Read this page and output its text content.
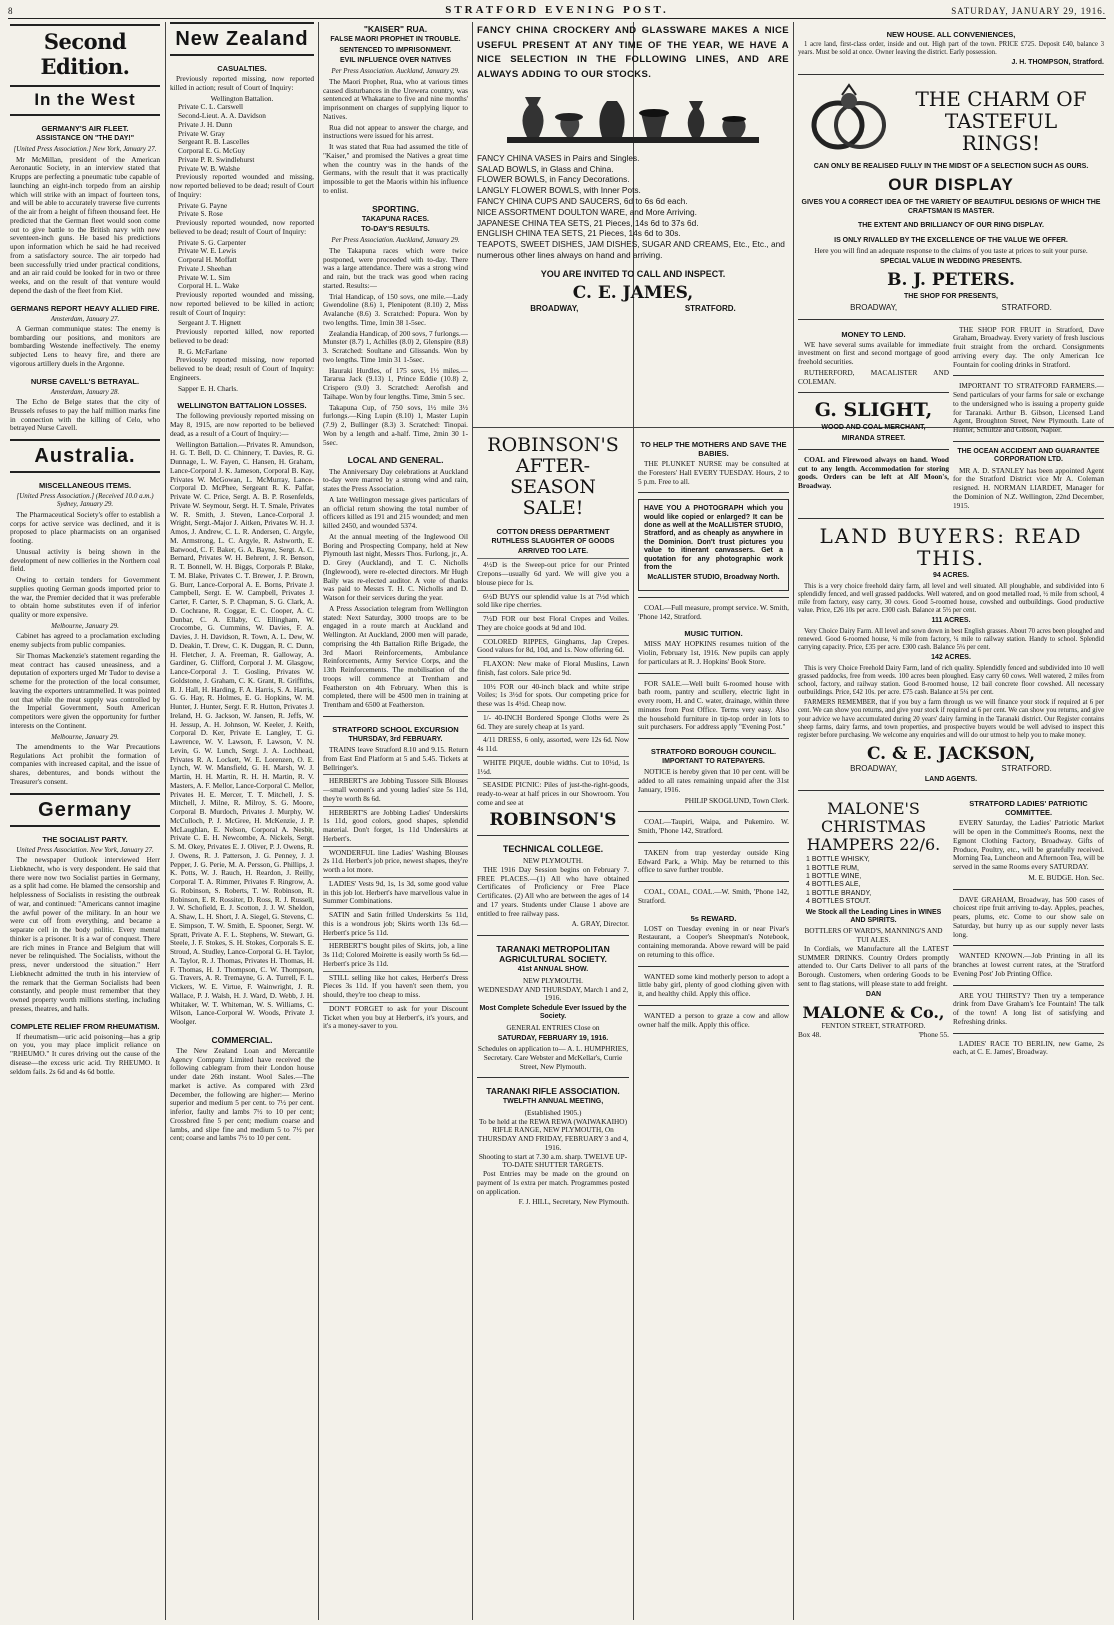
8	STRATFORD EVENING POST.	SATURDAY, JANUARY 29, 1916.
Second Edition.
In the West
GERMANY'S AIR FLEET.
ASSISTANCE ON "THE DAY!"
[United Press Association.] New York, January 27.

Mr McMillan, president of the American Aeronautic Society, in an interview stated that Krupps are perfecting a pneumatic tube capable of launching an eight-inch torpedo from an airship which will strike with an impact of fourteen tons, and will be able to accurately traverse five currents of the air from a height of fifteen thousand feet. He predicted that the German fleet would soon come out to give battle to the British navy with new seventeen-inch guns. He based his predictions upon information which he said he had received from a satisfactory source. The air torpedo had been successfully tried under practical conditions, and an air raid could be looked for in two or three weeks, and on the result of that venture would depend the dash of the fleet from Kiel.

GERMANS REPORT HEAVY ALLIED FIRE.
Amsterdam, January 27.

A German communique states: The enemy is bombarding our positions, and monitors are bombarding Westende ineffectively. The enemy subjected Lens to heavy fire, and there are vigorous artillery duels in the Argonne.

NURSE CAVELL'S BETRAYAL.
Amsterdam, January 28.

The Echo de Belge states that the city of Brussels refuses to pay the half million marks fine in connection with the killing of Celo, who betrayed Nurse Cavell.

Australia.
MISCELLANEOUS ITEMS.
[United Press Association.] (Received 10.0 a.m.) Sydney, January 29.

The Pharmaceutical Society's offer to establish a corps for active service was declined, and it is proposed to place pharmacists on an organised footing.

Unusual activity is being shown in the development of new collieries in the Northern coal field.

Owing to certain tenders for Government supplies quoting German goods imported prior to the war, the Premier decided that it was preferable to obtain home substitutes even if of inferior quality or more expensive.

Melbourne, January 29.

Cabinet has agreed to a proclamation excluding enemy subjects from public companies.

Sir Thomas Mackenzie's statement regarding the meat contract has caused uneasiness, and a deputation of exporters urged Mr Tudor to devise a scheme for the protection of the local consumer, leaving the exporters untrammelled. It was pointed out that while the meat supply was controlled by the Imperial Government, South American competitors were given the opportunity for further interests on the Continent.

Melbourne, January 29.

The amendments to the War Precautions Regulations Act prohibit the formation of companies with increased capital, and the issue of shares, debentures, and bonds without the Treasurer's consent.

Germany
THE SOCIALIST PARTY.
United Press Association. New York, January 27.

The newspaper Outlook interviewed Herr Liebknecht, who is very despondent. He said that there were now two Socialist parties in Germany, as a split had come. He blamed the censorship and helplessness of Socialists in resisting the outbreak of war, and continued: "Americans cannot imagine the awful power of the military. In an hour we were cut off from everything, and became a separate cell in the body politic. Every mental thinker is a prisoner. It is a war of conquest. There are rich mines in France and Belgium that will never be relinquished. The Socialists, without the press, never understood the situation." Herr Liebknecht admitted the truth in his interview of the remark that the German Socialists had been constantly, and people must remember that they owned property worth millions sterling, including presses, theatres, and halls.

COMPLETE RELIEF FROM RHEUMATISM.

If rheumatism—uric acid poisoning—has a grip on you, you may place implicit reliance on "RHEUMO." It cures driving out the cause of the disease—the excess uric acid. Try RHEUMO. It seldom fails. 2s 6d and 4s 6d bottle.

New Zealand
CASUALTIES.

Previously reported missing, now reported killed in action; result of Court of Inquiry:

Wellington Battalion.
Private C. L. Carswell
Second-Lieut. A. A. Davidson
Private J. H. Dunn
Private W. Gray
Sergeant R. B. Lascelles
Corporal E. G. McGuy
Private P. R. Swindlehurst
Private W. B. Walshe

Previously reported wounded and missing, now reported believed to be dead; result of Court of Inquiry:

Private G. Payne
Private S. Rose

Previously reported wounded, now reported believed to be dead; result of Court of Inquiry:

Private S. G. Carpenter
Private W. E. Lewis
Corporal H. Moffatt
Private J. Sheehan
Private W. L. Sim
Corporal H. L. Wake

Previously reported wounded and missing, now reported believed to be killed in action; result of Court of Inquiry:

Sergeant J. T. Hignett

Previously reported killed, now reported believed to be dead:

R. G. McFarlane

Previously reported missing, now reported believed to be dead; result of Court of Inquiry: Engineers.

Sapper E. H. Charls.
WELLINGTON BATTALION LOSSES.

The following previously reported missing on May 8, 1915, are now reported to be believed dead, as a result of a Court of Inquiry:—

Wellington Battalion.—Privates R. Amundson, H. G. T. Bell, D. C. Chinnery, T. Davies, R. G. Dunnage, L. W. Fayen, C. Hansen, H. Graham, Lance-Corporal J. K. Jameson, Corporal B. Kay, Privates W. McGowan, L. McMurray, Lance-Corporal D. McPhee, Sergeant R. K. Palfar, Private W. C. Price, Sergt. A. B. P. Rosenfelds, Private W. Seymour, Sergt. H. T. Smale, Privates W. R. Smith, J. Steven, Lance-Corporal J. Wright, Sergt.-Major J. Aitken, Privates W. H. J. Amos, J. Andrew, C. L. R. Andersen, C. Argyle, M. Armstrong, L. C. Argyle, R. Ashworth, E. Batwood, C. F. Baker, G. A. Bayne, Sergt. A. C. Bernard, Privates W. H. Behrent, J. R. Benson, R. T. Bonnell, W. H. Biggs, Corporals P. Blake, T. M. Blake, Privates C. T. Brewer, J. P. Brown, G. Burr, Lance-Corporal A. E. Borns, Private J. Campbell, Sergt. E. W. Campbell, Privates J. Carter, F. Carter, S. P. Chapman, S. G. Clark, A. D. Cochrane, R. Coggar, E. C. Cooper, A. C. Dunbar, C. A. Ellaby, C. Ellingham, W. Crocombe, G. Cummins, W. Davies, F. A. Davies, J. H. Davidson, R. Town, A. L. Dew, W. D. Deakin, T. Drew, C. K. Duggan, R. C. Dunn, H. Fletcher, J. A. Freeman, R. Galloway, A. Gardiner, G. Clifford, Corporal J. M. Glasgow, Lance-Corporal J. T. Gosling, Privates W. Goldstone, J. Graham, C. K. Grant, R. Griffiths, R. J. Hall, H. Harding, F. A. Harris, S. A. Harris, G. G. Hay, R. Holmes, E. G. Hopkins, W. M. Hunter, J. Hunter, Sergt. F. R. Hutton, Privates J. Ireland, H. G. Jackson, W. Jansen, R. Jeffs, W. H. Jessup, A. H. Johnson, W. Keeler, J. Keith, Corporal D. Ker, Private E. Langley, T. G. Lawrence, W. V. Lawson, F. Lawson, V. N. Levin, G. W. Lunch, Sergt. J. A. Lochhead, Privates R. A. Lockett, W. E. Lorenzen, O. E. Lynch, W. W. Mansfield, G. H. Marsh, W. J. Martin, H. H. Martin, R. H. H. Martin, R. V. Masters, A. F. Mellor, Lance-Corporal C. Mellor, Privates H. E. Mercer, T. T. Mitchell, J. S. Mitchell, J. Milne, R. Milroy, S. G. Moore, Corporal B. Murdoch, Privates J. Murphy, W. McCulloch, P. J. McGree, H. McKenzie, J. P. McLaughlan, E. Nelson, Corporal A. Nesbit, Private C. E. H. Newcombe, A. Nickels, Sergt. S. M. Okey, Privates E. J. Oliver, P. J. Owens, R. J. Owens, R. J. Patterson, J. G. Penney, J. J. Pepper, J. G. Perie, M. A. Persson, G. Phillips, J. K. Potts, W. J. Rauch, H. Reardon, J. Reilly, Corporal T. A. Rimmer, Privates F. Ringrow, A. G. Robinson, S. Roberts, T. W. Robinson, R. Robinson, E. R. Rossiter, D. Ross, R. J. Russell, J. W. Schofield, E. J. Scotton, J. J. W. Sheldon, A. Shaw, L. H. Short, J. A. Siegel, G. Stevens, C. E. Simpson, T. W. Smith, E. Spooner, Sergt. W. Spratt, Private A. F. L. Stephens, W. Stewart, G. Steele, J. F. Stokes, S. H. Stokes, Corporals S. E. Stroud, A. Studley, Lance-Corporal G. H. Taylor, A. Taylor, R. J. Thomas, Privates H. Thomas, H. F. Thomas, H. J. Thompson, C. W. Thompson, G. Travers, A. R. Tremayne, G. A. Turrell, F. L. Vickers, W. E. Virtue, F. Wainwright, J. R. Wallace, P. J. Walsh, H. J. Ward, D. Webb, J. H. Whitaker, W. T. Whiteman, W. S. Williams, C. Wilson, Lance-Corporal W. Woods, Private J. Woolger.

COMMERCIAL.

The New Zealand Loan and Mercantile Agency Company Limited have received the following cablegram from their London house under date 26th instant. Wool Sales.—The market is active. As compared with 23rd December, the following are higher:— Merino superior and medium 5 per cent. to 7½ per cent. inferior, faulty and lambs 7½ to 10 per cent; Crossbred fine 5 per cent; medium coarse and lambs, and slipe fine and medium 5 to 7½ per cent; coarse and lambs 7½ to 10 per cent.

"KAISER" RUA.
FALSE MAORI PROPHET IN TROUBLE.
SENTENCED TO IMPRISONMENT.
EVIL INFLUENCE OVER NATIVES
Per Press Association. Auckland, January 29.

The Maori Prophet, Rua, who at various times caused disturbances in the Urewera country, was sentenced at Whakatane to five and nine months' imprisonment on charges of supplying liquor to Natives.

Rua did not appear to answer the charge, and instructions were issued for his arrest.

It was stated that Rua had assumed the title of "Kaiser," and promised the Natives a great time when the country was in the hands of the Germans, with the result that it was practically impossible to get the Maoris within his influence to enlist.

SPORTING.
TAKAPUNA RACES.
TO-DAY'S RESULTS.
Per Press Association. Auckland, January 29.

The Takapuna races which were twice postponed, were proceeded with to-day. There was a large attendance. There was a strong wind and rain, but the track was good when racing started. Results:—

Trial Handicap, of 150 sovs, one mile.—Lady Gwendoline (8.6) 1, Plenipotent (8.10) 2, Miss Avalanche (8.6) 3. Scratched: Popura. Won by two lengths. Time, 1min 38 1-5sec.

Zealandia Handicap, of 200 sovs, 7 furlongs.—Munster (8.7) 1, Achilles (8.0) 2, Glenspire (8.8) 3. Scratched: Soultane and Glissands. Won by two lengths. Time 1min 31 1-5sec.

Hauraki Hurdles, of 175 sovs, 1½ miles.—Tararua Jack (9.13) 1, Prince Eddie (10.8) 2, Crispero (9.0) 3. Scratched: Aerofish and Taihape. Won by four lengths. Time, 3min 5 sec.

Takapuna Cup, of 750 sovs, 1½ mile 3½ furlongs.—King Lupin (8.10) 1, Master Lupin (7.9) 2, Bullinger (8.3) 3. Scratched: Tinopai. Won by a length and a-half. Time, 2min 30 1-5sec.

LOCAL AND GENERAL.

The Anniversary Day celebrations at Auckland to-day were marred by a strong wind and rain, states the Press Association.

A late Wellington message gives particulars of an official return showing the total number of officers killed as 191 and 215 wounded; and men killed 2450, and wounded 5374.

At the annual meeting of the Inglewood Oil Boring and Prospecting Company, held at New Plymouth last night, Messrs Thos. Furlong, jr., A. D. Grey (Auckland), and T. C. Nicholls (Inglewood), were re-elected directors. Mr Hugh Baily was re-elected auditor. A vote of thanks was paid to Messrs T. H. C. Nicholls and D. Watson for their services during the year.

A Press Association telegram from Wellington stated: Next Saturday, 3000 troops are to be engaged in a route march at Auckland and Wellington. At Auckland, 2000 men will parade, comprising the 4th Battalion Rifle Brigade, the 3rd Maori Reinforcements, Ambulance Reinforcements, Army Service Corps, and the 13th Reinforcements. The mobilisation of the troops will commence at Trentham and Featherston on 4th February. When this is completed, there will be 4500 men in training at Trentham and 6500 at Featherston.

STRATFORD SCHOOL EXCURSION
THURSDAY, 3rd FEBRUARY.

TRAINS leave Stratford 8.10 and 9.15. Return from East End Platform at 5 and 5.45. Tickets at Bellringer's.

HERBERT'S are Jobbing Tussore Silk Blouses—small women's and young ladies' size 5s 11d, they're worth 8s 6d.

HERBERT'S are Jobbing Ladies' Underskirts 1s 11d, good colors, good shapes, splendid material. Don't forget, 1s 11d Underskirts at Herbert's.

WONDERFUL line Ladies' Washing Blouses 2s 11d. Herbert's job price, newest shapes, they're worth a lot more.

LADIES' Vests 9d, 1s, 1s 3d, some good value in this job lot. Herbert's have marvellous value in Summer Combinations.

SATIN and Satin frilled Underskirts 5s 11d, this is a wondrous job; Skirts worth 13s 6d.—Herbert's price 5s 11d.

HERBERT'S bought piles of Skirts, job, a line 3s 11d; Colored Moirette is easily worth 5s 6d.—Herbert's price 3s 11d.

STILL selling like hot cakes, Herbert's Dress Pieces 3s 11d. If you haven't seen them, you should, they're too cheap to miss.

DON'T FORGET to ask for your Discount Ticket when you buy at Herbert's, it's yours, and it's a money-saver to you.

FANCY CHINA CROCKERY AND GLASSWARE MAKES A NICE USEFUL PRESENT AT ANY TIME OF THE YEAR, WE HAVE A NICE SELECTION IN THE FOLLOWING LINES, AND ARE ALWAYS ADDING TO OUR STOCKS.
FANCY CHINA VASES in Pairs and Singles.
SALAD BOWLS, in Glass and China.
FLOWER BOWLS, in Fancy Decorations.
LANGLY FLOWER BOWLS, with Inner Pots.
FANCY CHINA CUPS AND SAUCERS, 6d to 6s 6d each.
NICE ASSORTMENT DOULTON WARE, and More Arriving.
JAPANESE CHINA TEA SETS, 21 Pieces, 14s 6d to 37s 6d.
ENGLISH CHINA TEA SETS, 21 Pieces, 14s 6d to 30s.
TEAPOTS, SWEET DISHES, JAM DISHES, SUGAR AND CREAMS, Etc., Etc., and numerous other lines always on hand and arriving.
YOU ARE INVITED TO CALL AND INSPECT.
C. E. JAMES,
BROADWAY,	STRATFORD.
ROBINSON'S AFTER-SEASON SALE!
COTTON DRESS DEPARTMENT
RUTHLESS SLAUGHTER OF GOODS
ARRIVED TOO LATE.

4½D is the Sweep-out price for our Printed Crepons—usually 6d yard. We will give you a blouse piece for 1s.

6½D BUYS our splendid value 1s at 7½d which sold like ripe cherries.

7½D FOR our best Floral Crepes and Voiles. They are choice goods at 9d and 10d.

COLORED RIPPES, Ginghams, Jap Crepes. Good values for 8d, 10d, and 1s. Now offering 6d.

FLAXON: New make of Floral Muslins, Lawn finish, fast colors. Sale price 9d.

10½ FOR our 40-inch black and white stripe Voiles; 1s 3½d for spots. Our competing price for these was 1s 4½d. Cheap now.

1/- 40-INCH Bordered Sponge Cloths were 2s 6d. They are surely cheap at 1s yard.

4/11 DRESS, 6 only, assorted, were 12s 6d. Now 4s 11d.

WHITE PIQUE, double widths. Cut to 10½d, 1s 1½d.

SEASIDE PICNIC: Piles of just-the-right-goods, ready-to-wear at half prices in our Showroom. You come and see at

ROBINSON'S
TECHNICAL COLLEGE.
NEW PLYMOUTH.

THE 1916 Day Session begins on February 7. FREE PLACES.—(1) All who have obtained Certificates of Proficiency or Free Place Certificates. (2) All who are between the ages of 14 and 17 years. Students under Clause 1 above are entitled to free railway pass.

A. GRAY, Director.
TARANAKI METROPOLITAN AGRICULTURAL SOCIETY.
41st ANNUAL SHOW.
NEW PLYMOUTH.
WEDNESDAY AND THURSDAY, March 1 and 2, 1916.
Most Complete Schedule Ever Issued by the Society.
GENERAL ENTRIES Close on
SATURDAY, FEBRUARY 19, 1916.
Schedules on application to— A. L. HUMPHRIES, Secretary. Care Webster and McKellar's, Currie Street, New Plymouth.
TARANAKI RIFLE ASSOCIATION.
TWELFTH ANNUAL MEETING,
(Established 1905.)
To be held at the REWA REWA (WAIWAKAIHO) RIFLE RANGE, NEW PLYMOUTH, On THURSDAY AND FRIDAY, FEBRUARY 3 and 4, 1916.
Shooting to start at 7.30 a.m. sharp. TWELVE UP-TO-DATE SHUTTER TARGETS.

Post Entries may be made on the ground on payment of 1s extra per match. Programmes posted on application.

F. J. HILL, Secretary, New Plymouth.
TO HELP THE MOTHERS AND SAVE THE BABIES.

THE PLUNKET NURSE may be consulted at the Foresters' Hall EVERY TUESDAY. Hours, 2 to 5 p.m. Free to all.

HAVE YOU A PHOTOGRAPH which you would like copied or enlarged? It can be done as well at the McALLISTER STUDIO, Stratford, and as cheaply as anywhere in the Dominion. Don't trust pictures you value to itinerant canvassers. Get a quotation for any photographic work from the

McALLISTER STUDIO, Broadway North.

COAL—Full measure, prompt service. W. Smith, 'Phone 142, Stratford.

MUSIC TUITION.

MISS MAY HOPKINS resumes tuition of the Violin, February 1st, 1916. New pupils can apply for particulars at R. J. Hopkins' Book Store.

FOR SALE.—Well built 6-roomed house with bath room, pantry and scullery, electric light in every room, H. and C. water, drainage, within three minutes from Post Office. Terms very easy. Also the household furniture in tip-top order in lots to suit purchasers. For address apply "Evening Post."

STRATFORD BOROUGH COUNCIL.
IMPORTANT TO RATEPAYERS.

NOTICE is hereby given that 10 per cent. will be added to all rates remaining unpaid after the 31st January, 1916.

PHILIP SKOGLUND, Town Clerk.

COAL—Taupiri, Waipa, and Pukemiro. W. Smith, 'Phone 142, Stratford.

TAKEN from trap yesterday outside King Edward Park, a Whip. May be returned to this office to save further trouble.

COAL, COAL, COAL.—W. Smith, 'Phone 142, Stratford.

5s REWARD.

LOST on Tuesday evening in or near Pivar's Restaurant, a Cooper's Sheepman's Notebook, containing memoranda. Above reward will be paid on returning to this office.

WANTED some kind motherly person to adopt a little baby girl, plenty of good clothing given with it, and healthy child. Apply this office.

WANTED a person to graze a cow and allow owner half the milk. Apply this office.

NEW HOUSE. ALL CONVENIENCES,

1 acre land, first-class order, inside and out. High part of the town. PRICE £725. Deposit £40, balance 3 years. Must be sold at once. Owner leaving the district. Early possession.

J. H. THOMPSON, Stratford.
THE CHARM OF TASTEFUL RINGS!
CAN ONLY BE REALISED FULLY IN THE MIDST OF A SELECTION SUCH AS OURS.
OUR DISPLAY
GIVES YOU A CORRECT IDEA OF THE VARIETY OF BEAUTIFUL DESIGNS OF WHICH THE CRAFTSMAN IS MASTER.
THE EXTENT AND BRILLIANCY OF OUR RING DISPLAY.
IS ONLY RIVALLED BY THE EXCELLENCE OF THE VALUE WE OFFER.
Here you will find an adequate response to the claims of you taste at prices to suit your purse.
SPECIAL VALUE IN WEDDING PRESENTS.
B. J. PETERS.
THE SHOP FOR PRESENTS,
BROADWAY,	STRATFORD.
MONEY TO LEND.

WE have several sums available for immediate investment on first and second mortgage of good freehold securities.

RUTHERFORD, MACALISTER AND COLEMAN.

G. SLIGHT,
WOOD AND COAL MERCHANT,
MIRANDA STREET.

COAL and Firewood always on hand. Wood cut to any length. Accommodation for storing goods. Orders can be left at Alf Moon's, Broadway.

THE SHOP FOR FRUIT in Stratford, Dave Graham, Broadway. Every variety of fresh luscious fruit straight from the orchard. Consignments arriving every day. The only American Ice Fountain for cooling drinks in Stratford.

IMPORTANT TO STRATFORD FARMERS.—Send particulars of your farms for sale or exchange to the undersigned who is issuing a property guide for Taranaki. Arthur B. Gibson, Licensed Land Agent, Broughton Street, New Plymouth. Late of Hunter, Schultze and Gibson, Napier.

THE OCEAN ACCIDENT AND GUARANTEE CORPORATION LTD.

MR A. D. STANLEY has been appointed Agent for the Stratford District vice Mr A. Coleman resigned. H. NORMAN LIARDET, Manager for the Dominion of N.Z. Wellington, 22nd December, 1915.

LAND BUYERS: READ THIS.
94 ACRES.

This is a very choice freehold dairy farm, all level and well situated. All ploughable, and subdivided into 6 splendidly fenced, and well grassed paddocks. Well watered, and on good metalled road, ½ mile from school, 4 mile from factory, easy carry, 30 cows. Good 5-roomed house, cowshed and outbuildings. Good productive value. Price, £26 10s per acre. £300 cash. Balance at 5½ per cent.

111 ACRES.

Very Choice Dairy Farm. All level and sown down in best English grasses. About 70 acres been ploughed and renewed. Good 6-roomed house, ¼ mile from factory, ¼ mile to railway station. Handy to school. Splendid carrying capacity. Price, £35 per acre. £300 cash. Balance 5¼ per cent.

142 ACRES.

This is very Choice Freehold Dairy Farm, land of rich quality. Splendidly fenced and subdivided into 10 well grassed paddocks, free from weeds. 100 acres been ploughed. Easy carry 60 cows. Well watered, 2 miles from school, factory, and railway station. Good 8-roomed house, 12 bail concrete floor cowshed. All necessary outbuildings. Price, £42 10s. per acre. £75 cash. Balance at 5¼ per cent.

FARMERS REMEMBER, that if you buy a farm through us we will finance your stock if required at 6 per cent. We can show you returns, and give your stock if required at 6 per cent. We can show you returns, and give your advice we have accumulated during 20 years' dairy farming in the Taranaki district. Our Register contains sheep farms, dairy farms, and town properties, and prospective buyers would be well advised to inspect this register before purchasing. We welcome any enquiries and will do our utmost to help you to make money.

C. & E. JACKSON,
BROADWAY,	STRATFORD.
LAND AGENTS.
MALONE'S CHRISTMAS HAMPERS 22/6.
1 BOTTLE WHISKY,
1 BOTTLE RUM,
1 BOTTLE WINE,
4 BOTTLES ALE,
1 BOTTLE BRANDY,
4 BOTTLES STOUT.
We Stock all the Leading Lines in WINES AND SPIRITS.
BOTTLERS OF WARD'S, MANNING'S AND TUI ALES.

In Cordials, we Manufacture all the LATEST SUMMER DRINKS. Country Orders promptly attended to. Our Carts Deliver to all parts of the Borough. Customers, when ordering Goods to be sent to flag stations, will please state to add freight.

DAN
MALONE & Co.,
FENTON STREET, STRATFORD.
Box 48.	'Phone 55.
STRATFORD LADIES' PATRIOTIC COMMITTEE.

EVERY Saturday, the Ladies' Patriotic Market will be open in the Committee's Rooms, next the Egmont Clothing Factory, Broadway. Gifts of Produce, Poultry, etc., will be gratefully received. Morning Tea, Luncheon and Afternoon Tea, will be served in the same Rooms every SATURDAY.

M. E. BUDGE. Hon. Sec.

DAVE GRAHAM, Broadway, has 500 cases of choicest ripe fruit arriving to-day. Apples, peaches, pears, plums, etc. Come to our show sale on Saturday, but hurry up as our supply never lasts long.

WANTED KNOWN.—Job Printing in all its branches at lowest current rates, at the 'Stratford Evening Post' Job Printing Office.

ARE YOU THIRSTY? Then try a temperance drink from Dave Graham's Ice Fountain! The talk of the town! A long list of satisfying and Refreshing drinks.

LADIES' RACE TO BERLIN, new Game, 2s each, at C. E. James', Broadway.
